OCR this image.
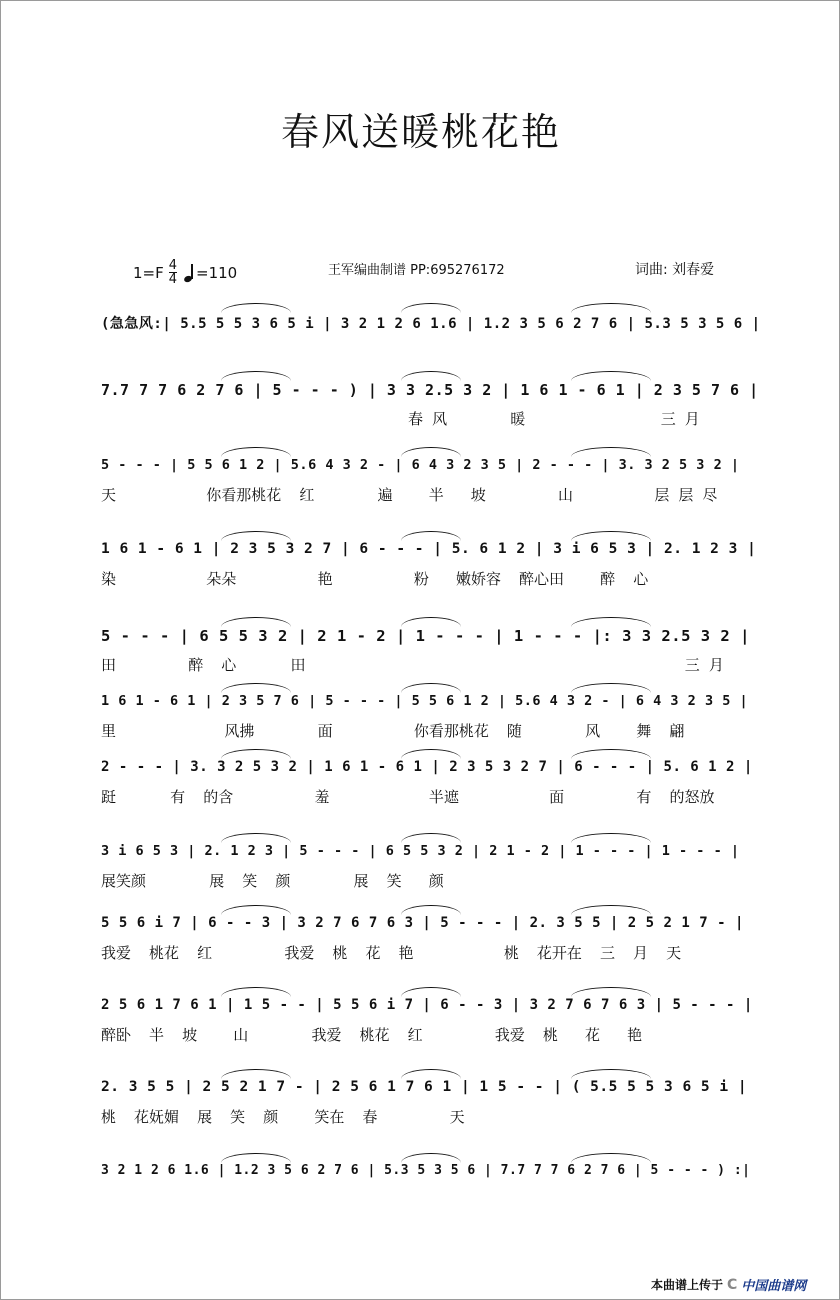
春风送暖桃花艳
$1=F \frac{4}{4} =110$	王军编曲制谱 PP:695276172	词曲: 刘春爱
(急急风:| 5.5 5 5 3 6 5 i | 3 2 1 2 6 1.6 | 1.2 3 5 6 2 7 6 | 5.3 5 3 5 6 |
7.7 7 7 6 2 7 6 | 5 - - - ) | 3 3 2.5 3 2 | 1 6 1 - 6 1 | 2 3 5 7 6 |
春 风       暖               三 月
5 - - - | 5 5 6 1 2 | 5.6 4 3 2 - | 6 4 3 2 3 5 | 2 - - - | 3. 3 2 5 3 2 |
天          你看那桃花  红       遍    半   坡        山         层 层 尽
1 6 1 - 6 1 | 2 3 5 3 2 7 | 6 - - - | 5. 6 1 2 | 3 i 6 5 3 | 2. 1 2 3 |
染          朵朵         艳         粉   嫩娇容  醉心田    醉  心
5 - - - | 6 5 5 3 2 | 2 1 - 2 | 1 - - - | 1 - - - |: 3 3 2.5 3 2 |
田        醉  心      田                                          三 月
1 6 1 - 6 1 | 2 3 5 7 6 | 5 - - - | 5 5 6 1 2 | 5.6 4 3 2 - | 6 4 3 2 3 5 |
里            风拂       面         你看那桃花  随       风    舞  翩
2 - - - | 3. 3 2 5 3 2 | 1 6 1 - 6 1 | 2 3 5 3 2 7 | 6 - - - | 5. 6 1 2 |
跹      有  的含         羞           半遮          面        有  的怒放
3 i 6 5 3 | 2. 1 2 3 | 5 - - - | 6 5 5 3 2 | 2 1 - 2 | 1 - - - | 1 - - - |
展笑颜       展  笑  颜       展  笑   颜
5 5 6 i 7 | 6 - - 3 | 3 2 7 6 7 6 3 | 5 - - - | 2. 3 5 5 | 2 5 2 1 7 - |
我爱  桃花  红        我爱  桃  花  艳          桃  花开在  三  月  天
2 5 6 1 7 6 1 | 1 5 - - | 5 5 6 i 7 | 6 - - 3 | 3 2 7 6 7 6 3 | 5 - - - |
醉卧  半  坡    山       我爱  桃花  红        我爱  桃   花   艳
2. 3 5 5 | 2 5 2 1 7 - | 2 5 6 1 7 6 1 | 1 5 - - | ( 5.5 5 5 3 6 5 i |
桃  花妩媚  展  笑  颜    笑在  春        天
3 2 1 2 6 1.6 | 1.2 3 5 6 2 7 6 | 5.3 5 3 5 6 | 7.7 7 7 6 2 7 6 | 5 - - - ) :|
本曲谱上传于 C 中国曲谱网
